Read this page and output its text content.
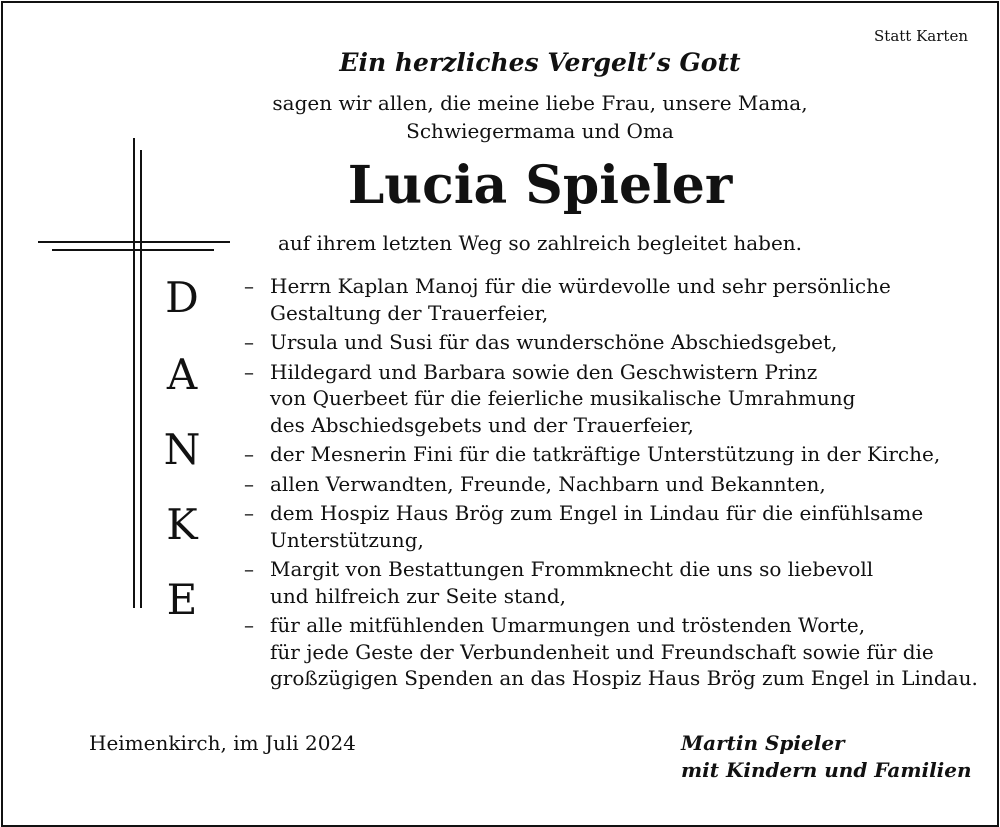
Statt Karten
Ein herzliches Vergelt’s Gott
sagen wir allen, die meine liebe Frau, unsere Mama,
Schwiegermama und Oma
Lucia Spieler
auf ihrem letzten Weg so zahlreich begleitet haben.
D
A
N
K
E
– Herrn Kaplan Manoj für die würdevolle und sehr persönliche
Gestaltung der Trauerfeier,
– Ursula und Susi für das wunderschöne Abschiedsgebet,
– Hildegard und Barbara sowie den Geschwistern Prinz
von Querbeet für die feierliche musikalische Umrahmung
des Abschiedsgebets und der Trauerfeier,
– der Mesnerin Fini für die tatkräftige Unterstützung in der Kirche,
– allen Verwandten, Freunde, Nachbarn und Bekannten,
– dem Hospiz Haus Brög zum Engel in Lindau für die einfühlsame
Unterstützung,
– Margit von Bestattungen Frommknecht die uns so liebevoll
und hilfreich zur Seite stand,
– für alle mitfühlenden Umarmungen und tröstenden Worte,
für jede Geste der Verbundenheit und Freundschaft sowie für die
großzügigen Spenden an das Hospiz Haus Brög zum Engel in Lindau.
Heimenkirch, im Juli 2024	Martin Spieler
mit Kindern und Familien
